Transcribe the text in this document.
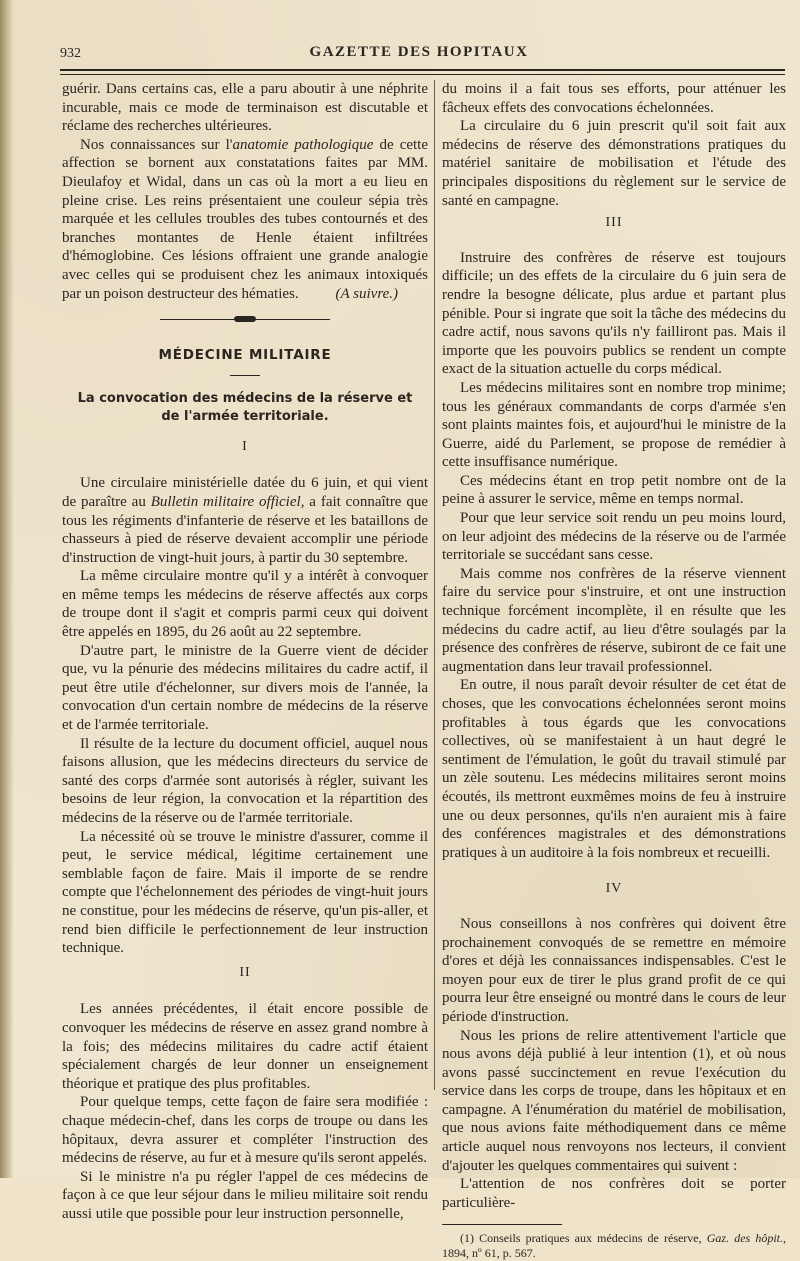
932	GAZETTE DES HOPITAUX

guérir. Dans certains cas, elle a paru aboutir à une néphrite incurable, mais ce mode de terminaison est discutable et réclame des recherches ultérieures.

Nos connaissances sur l'anatomie pathologique de cette affection se bornent aux constatations faites par MM. Dieulafoy et Widal, dans un cas où la mort a eu lieu en pleine crise. Les reins présentaient une couleur sépia très marquée et les cellules troubles des tubes contournés et des branches montantes de Henle étaient infiltrées d'hémoglobine. Ces lésions offraient une grande analogie avec celles qui se produisent chez les animaux intoxiqués par un poison destructeur des hématies.	(A suivre.)
MÉDECINE MILITAIRE
La convocation des médecins de la réserve et de l'armée territoriale.
I

Une circulaire ministérielle datée du 6 juin, et qui vient de paraître au Bulletin militaire officiel, a fait connaître que tous les régiments d'infanterie de réserve et les bataillons de chasseurs à pied de réserve devaient accomplir une période d'instruction de vingt-huit jours, à partir du 30 septembre.

La même circulaire montre qu'il y a intérêt à convoquer en même temps les médecins de réserve affectés aux corps de troupe dont il s'agit et compris parmi ceux qui doivent être appelés en 1895, du 26 août au 22 septembre.

D'autre part, le ministre de la Guerre vient de décider que, vu la pénurie des médecins militaires du cadre actif, il peut être utile d'échelonner, sur divers mois de l'année, la convocation d'un certain nombre de médecins de la réserve et de l'armée territoriale.

Il résulte de la lecture du document officiel, auquel nous faisons allusion, que les médecins directeurs du service de santé des corps d'armée sont autorisés à régler, suivant les besoins de leur région, la convocation et la répartition des médecins de la réserve ou de l'armée territoriale.

La nécessité où se trouve le ministre d'assurer, comme il peut, le service médical, légitime certainement une semblable façon de faire. Mais il importe de se rendre compte que l'échelonnement des périodes de vingt-huit jours ne constitue, pour les médecins de réserve, qu'un pis-aller, et rend bien difficile le perfectionnement de leur instruction technique.

II

Les années précédentes, il était encore possible de convoquer les médecins de réserve en assez grand nombre à la fois; des médecins militaires du cadre actif étaient spécialement chargés de leur donner un enseignement théorique et pratique des plus profitables.

Pour quelque temps, cette façon de faire sera modifiée : chaque médecin-chef, dans les corps de troupe ou dans les hôpitaux, devra assurer et compléter l'instruction des médecins de réserve, au fur et à mesure qu'ils seront appelés.

Si le ministre n'a pu régler l'appel de ces médecins de façon à ce que leur séjour dans le milieu militaire soit rendu aussi utile que possible pour leur instruction personnelle,

du moins il a fait tous ses efforts, pour atténuer les fâcheux effets des convocations échelonnées.

La circulaire du 6 juin prescrit qu'il soit fait aux médecins de réserve des démonstrations pratiques du matériel sanitaire de mobilisation et l'étude des principales dispositions du règlement sur le service de santé en campagne.

III

Instruire des confrères de réserve est toujours difficile; un des effets de la circulaire du 6 juin sera de rendre la besogne délicate, plus ardue et partant plus pénible. Pour si ingrate que soit la tâche des médecins du cadre actif, nous savons qu'ils n'y failliront pas. Mais il importe que les pouvoirs publics se rendent un compte exact de la situation actuelle du corps médical.

Les médecins militaires sont en nombre trop minime; tous les généraux commandants de corps d'armée s'en sont plaints maintes fois, et aujourd'hui le ministre de la Guerre, aidé du Parlement, se propose de remédier à cette insuffisance numérique.

Ces médecins étant en trop petit nombre ont de la peine à assurer le service, même en temps normal.

Pour que leur service soit rendu un peu moins lourd, on leur adjoint des médecins de la réserve ou de l'armée territoriale se succédant sans cesse.

Mais comme nos confrères de la réserve viennent faire du service pour s'instruire, et ont une instruction technique forcément incomplète, il en résulte que les médecins du cadre actif, au lieu d'être soulagés par la présence des confrères de réserve, subiront de ce fait une augmentation dans leur travail professionnel.

En outre, il nous paraît devoir résulter de cet état de choses, que les convocations échelonnées seront moins profitables à tous égards que les convocations collectives, où se manifestaient à un haut degré le sentiment de l'émulation, le goût du travail stimulé par un zèle soutenu. Les médecins militaires seront moins écoutés, ils mettront euxmêmes moins de feu à instruire une ou deux personnes, qu'ils n'en auraient mis à faire des conférences magistrales et des démonstrations pratiques à un auditoire à la fois nombreux et recueilli.

IV

Nous conseillons à nos confrères qui doivent être prochainement convoqués de se remettre en mémoire d'ores et déjà les connaissances indispensables. C'est le moyen pour eux de tirer le plus grand profit de ce qui pourra leur être enseigné ou montré dans le cours de leur période d'instruction.

Nous les prions de relire attentivement l'article que nous avons déjà publié à leur intention (1), et où nous avons passé succinctement en revue l'exécution du service dans les corps de troupe, dans les hôpitaux et en campagne. A l'énumération du matériel de mobilisation, que nous avions faite méthodiquement dans ce même article auquel nous renvoyons nos lecteurs, il convient d'ajouter les quelques commentaires qui suivent :

L'attention de nos confrères doit se porter particulière-

(1) Conseils pratiques aux médecins de réserve, Gaz. des hôpit., 1894, nº 61, p. 567.
